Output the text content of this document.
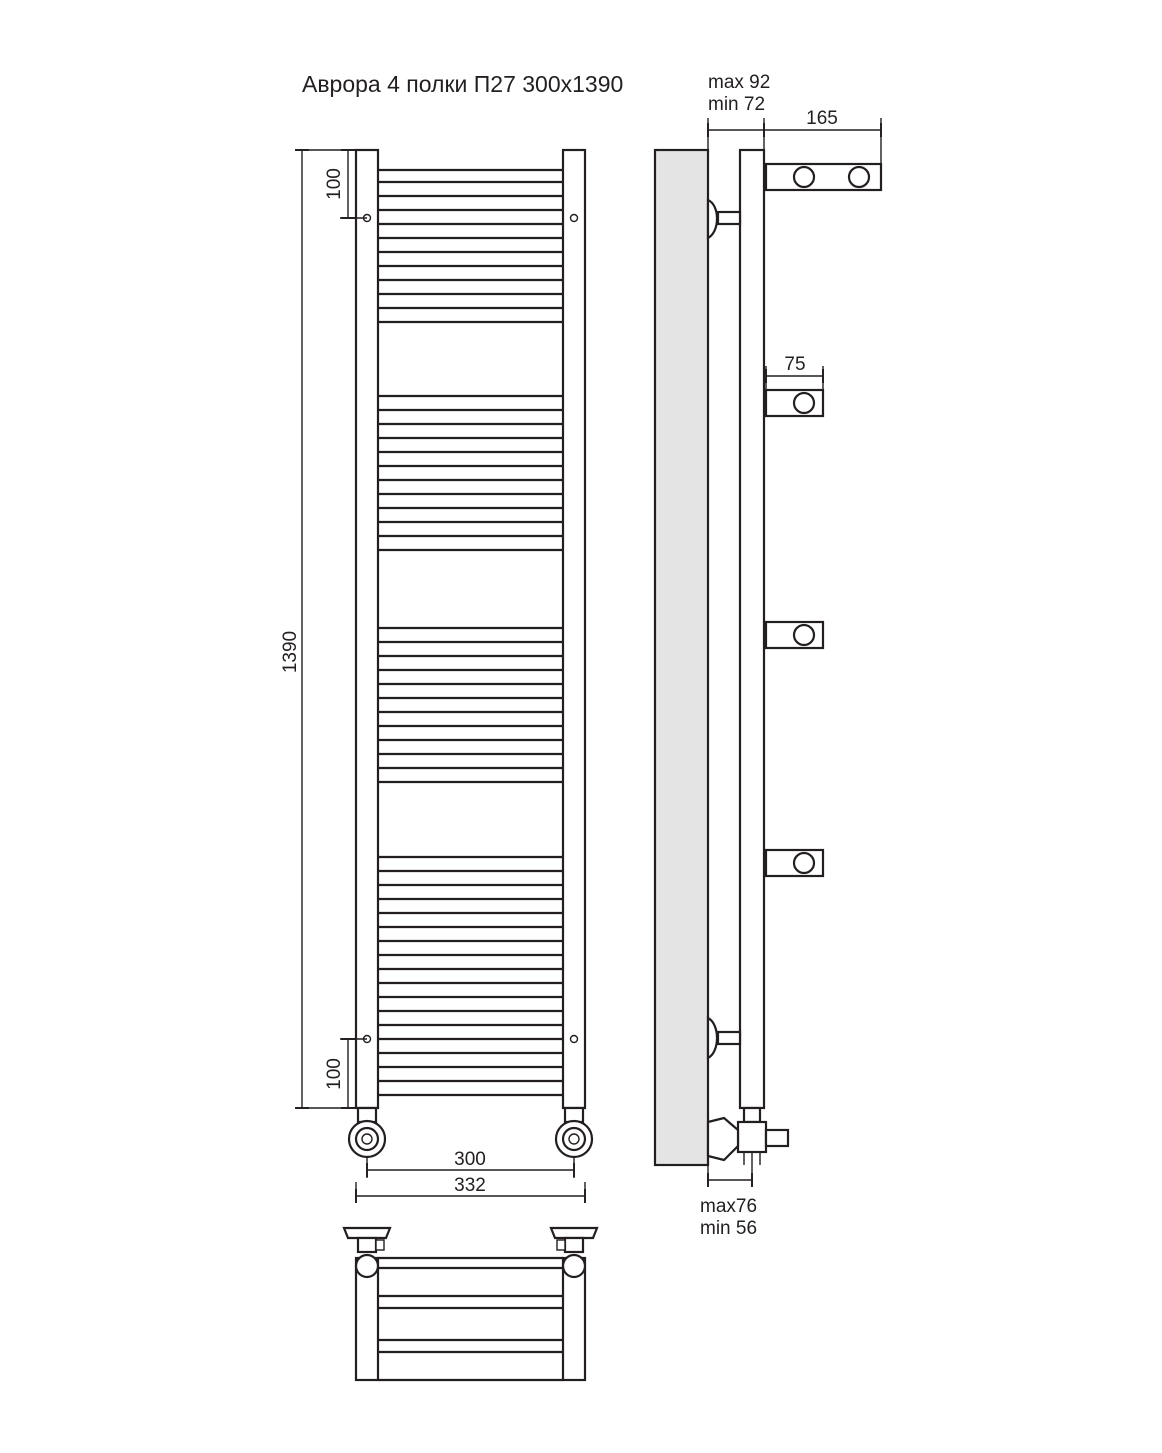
Аврора 4 полки П27 300x1390
1390
100
100
300
332
max 92
min 72
165
75
max76
min 56
